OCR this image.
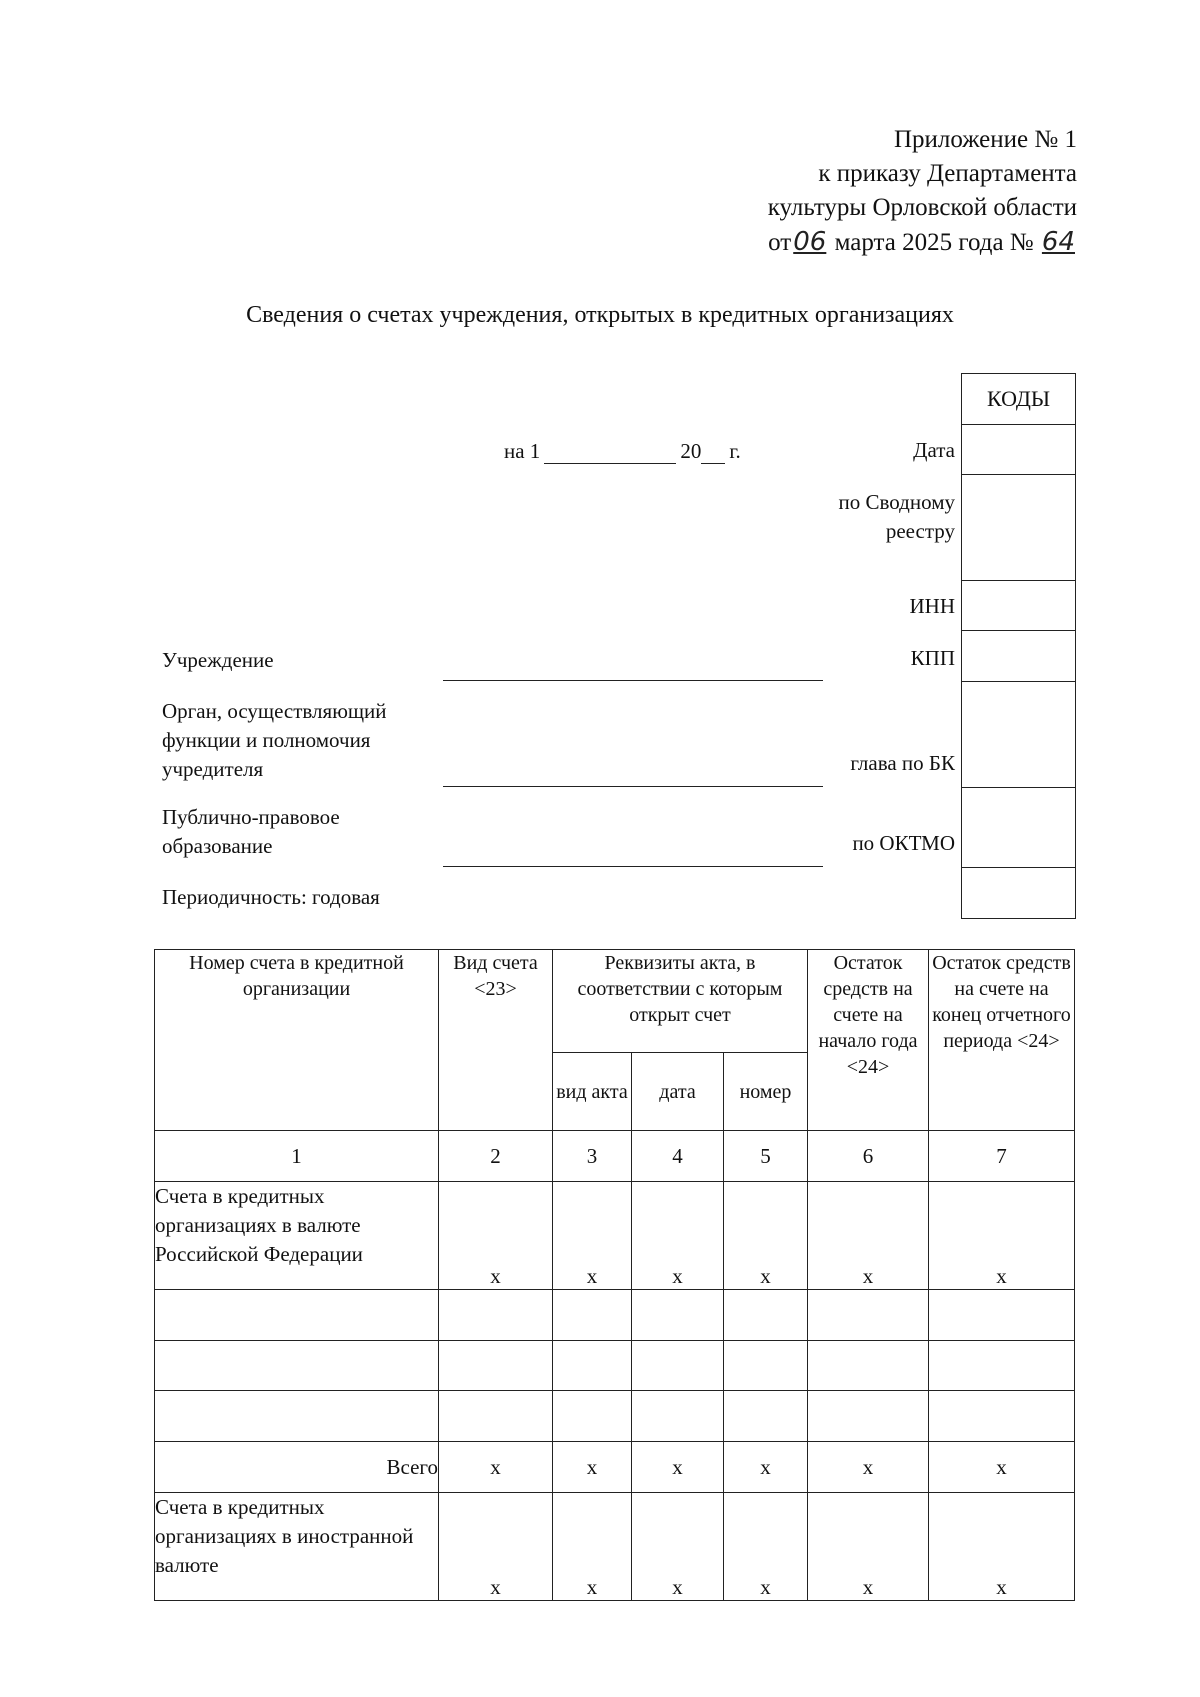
Приложение № 1
к приказу Департамента
культуры Орловской области
от06 марта 2025 года № 64
Сведения о счетах учреждения, открытых в кредитных организациях
на 1	20 г.
КОДЫ
Дата
по Сводному реестру
ИНН
КПП
глава по БК
по ОКТМО
Учреждение
Орган, осуществляющий функции и полномочия учредителя
Публично-правовое образование
Периодичность: годовая
Номер счета в кредитной организации	Вид счета <23>	Реквизиты акта, в соответствии с которым открыт счет			Остаток средств на счете на начало года <24>	Остаток средств на счете на конец отчетного периода <24>
		вид акта	дата	номер		
1	2	3	4	5	6	7
Счета в кредитных организациях в валюте Российской Федерации	x	x	x	x	x	x

Всего	x	x	x	x	x	x
Счета в кредитных организациях в иностранной валюте	x	x	x	x	x	x
